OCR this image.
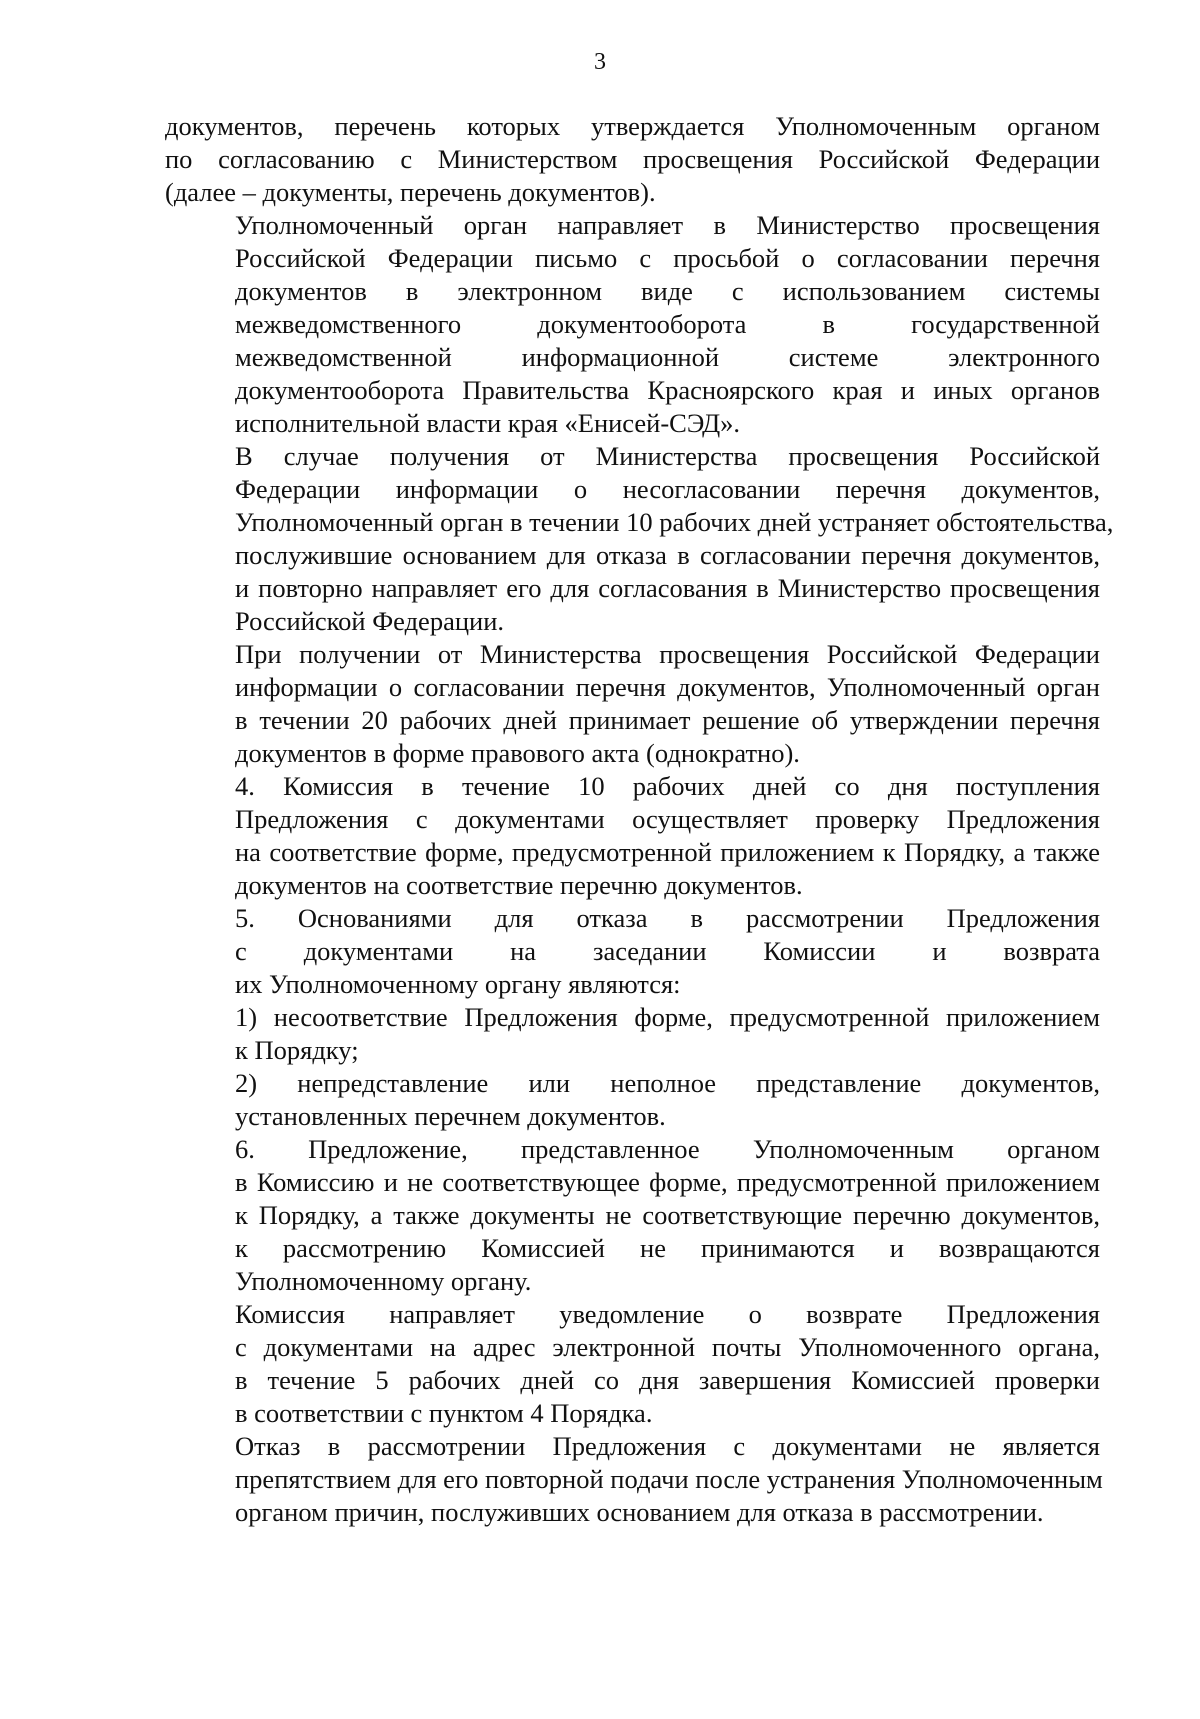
3

документов, перечень которых утверждается Уполномоченным органом
по согласованию с Министерством просвещения Российской Федерации
(далее – документы, перечень документов).

Уполномоченный орган направляет в Министерство просвещения
Российской Федерации письмо с просьбой о согласовании перечня
документов в электронном виде с использованием системы
межведомственного документооборота в государственной
межведомственной информационной системе электронного
документооборота Правительства Красноярского края и иных органов
исполнительной власти края «Енисей-СЭД».

В случае получения от Министерства просвещения Российской
Федерации информации о несогласовании перечня документов,
Уполномоченный орган в течении 10 рабочих дней устраняет обстоятельства,
послужившие основанием для отказа в согласовании перечня документов,
и повторно направляет его для согласования в Министерство просвещения
Российской Федерации.

При получении от Министерства просвещения Российской Федерации
информации о согласовании перечня документов, Уполномоченный орган
в течении 20 рабочих дней принимает решение об утверждении перечня
документов в форме правового акта (однократно).

4. Комиссия в течение 10 рабочих дней со дня поступления
Предложения с документами осуществляет проверку Предложения
на соответствие форме, предусмотренной приложением к Порядку, а также
документов на соответствие перечню документов.

5. Основаниями для отказа в рассмотрении Предложения
с документами на заседании Комиссии и возврата
их Уполномоченному органу являются:

1) несоответствие Предложения форме, предусмотренной приложением
к Порядку;

2) непредставление или неполное представление документов,
установленных перечнем документов.

6. Предложение, представленное Уполномоченным органом
в Комиссию и не соответствующее форме, предусмотренной приложением
к Порядку, а также документы не соответствующие перечню документов,
к рассмотрению Комиссией не принимаются и возвращаются
Уполномоченному органу.

Комиссия направляет уведомление о возврате Предложения
с документами на адрес электронной почты Уполномоченного органа,
в течение 5 рабочих дней со дня завершения Комиссией проверки
в соответствии с пунктом 4 Порядка.

Отказ в рассмотрении Предложения с документами не является
препятствием для его повторной подачи после устранения Уполномоченным
органом причин, послуживших основанием для отказа в рассмотрении.
